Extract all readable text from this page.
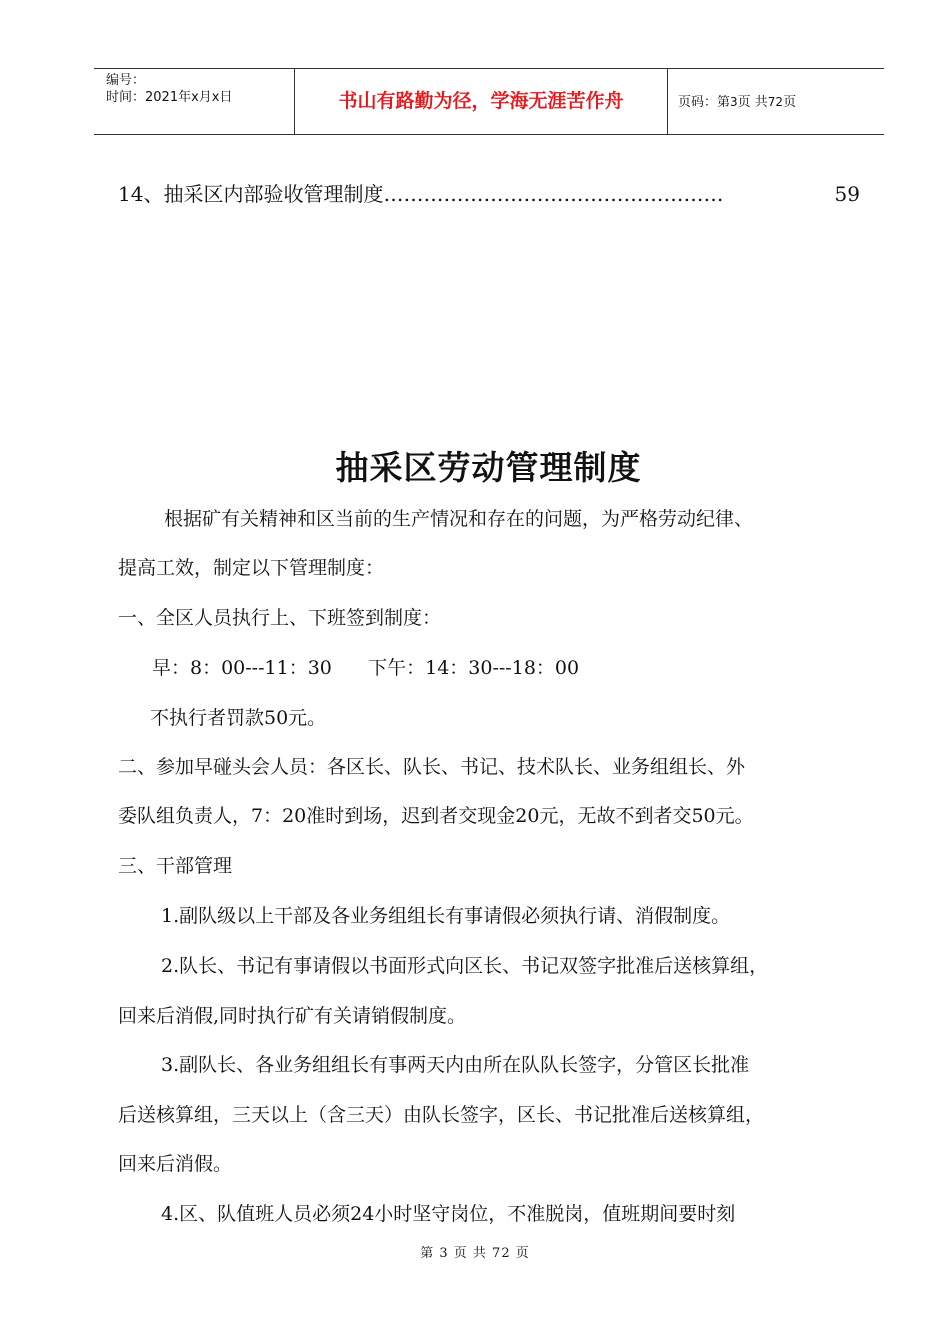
编号：
时间：2021年x月x日	书山有路勤为径，学海无涯苦作舟	页码：第3页 共72页
14、抽采区内部验收管理制度……………………………………………	59
抽采区劳动管理制度
根据矿有关精神和区当前的生产情况和存在的问题，为严格劳动纪律、
提高工效，制定以下管理制度：
一、全区人员执行上、下班签到制度：
早：8：00---11：30      下午：14：30---18：00
不执行者罚款50元。
二、参加早碰头会人员：各区长、队长、书记、技术队长、业务组组长、外
委队组负责人，7：20准时到场，迟到者交现金20元，无故不到者交50元。
三、干部管理
1.副队级以上干部及各业务组组长有事请假必须执行请、消假制度。
2.队长、书记有事请假以书面形式向区长、书记双签字批准后送核算组，
回来后消假,同时执行矿有关请销假制度。
3.副队长、各业务组组长有事两天内由所在队队长签字，分管区长批准
后送核算组，三天以上（含三天）由队长签字，区长、书记批准后送核算组，
回来后消假。
4.区、队值班人员必须24小时坚守岗位，不准脱岗，值班期间要时刻
第 3 页 共 72 页
